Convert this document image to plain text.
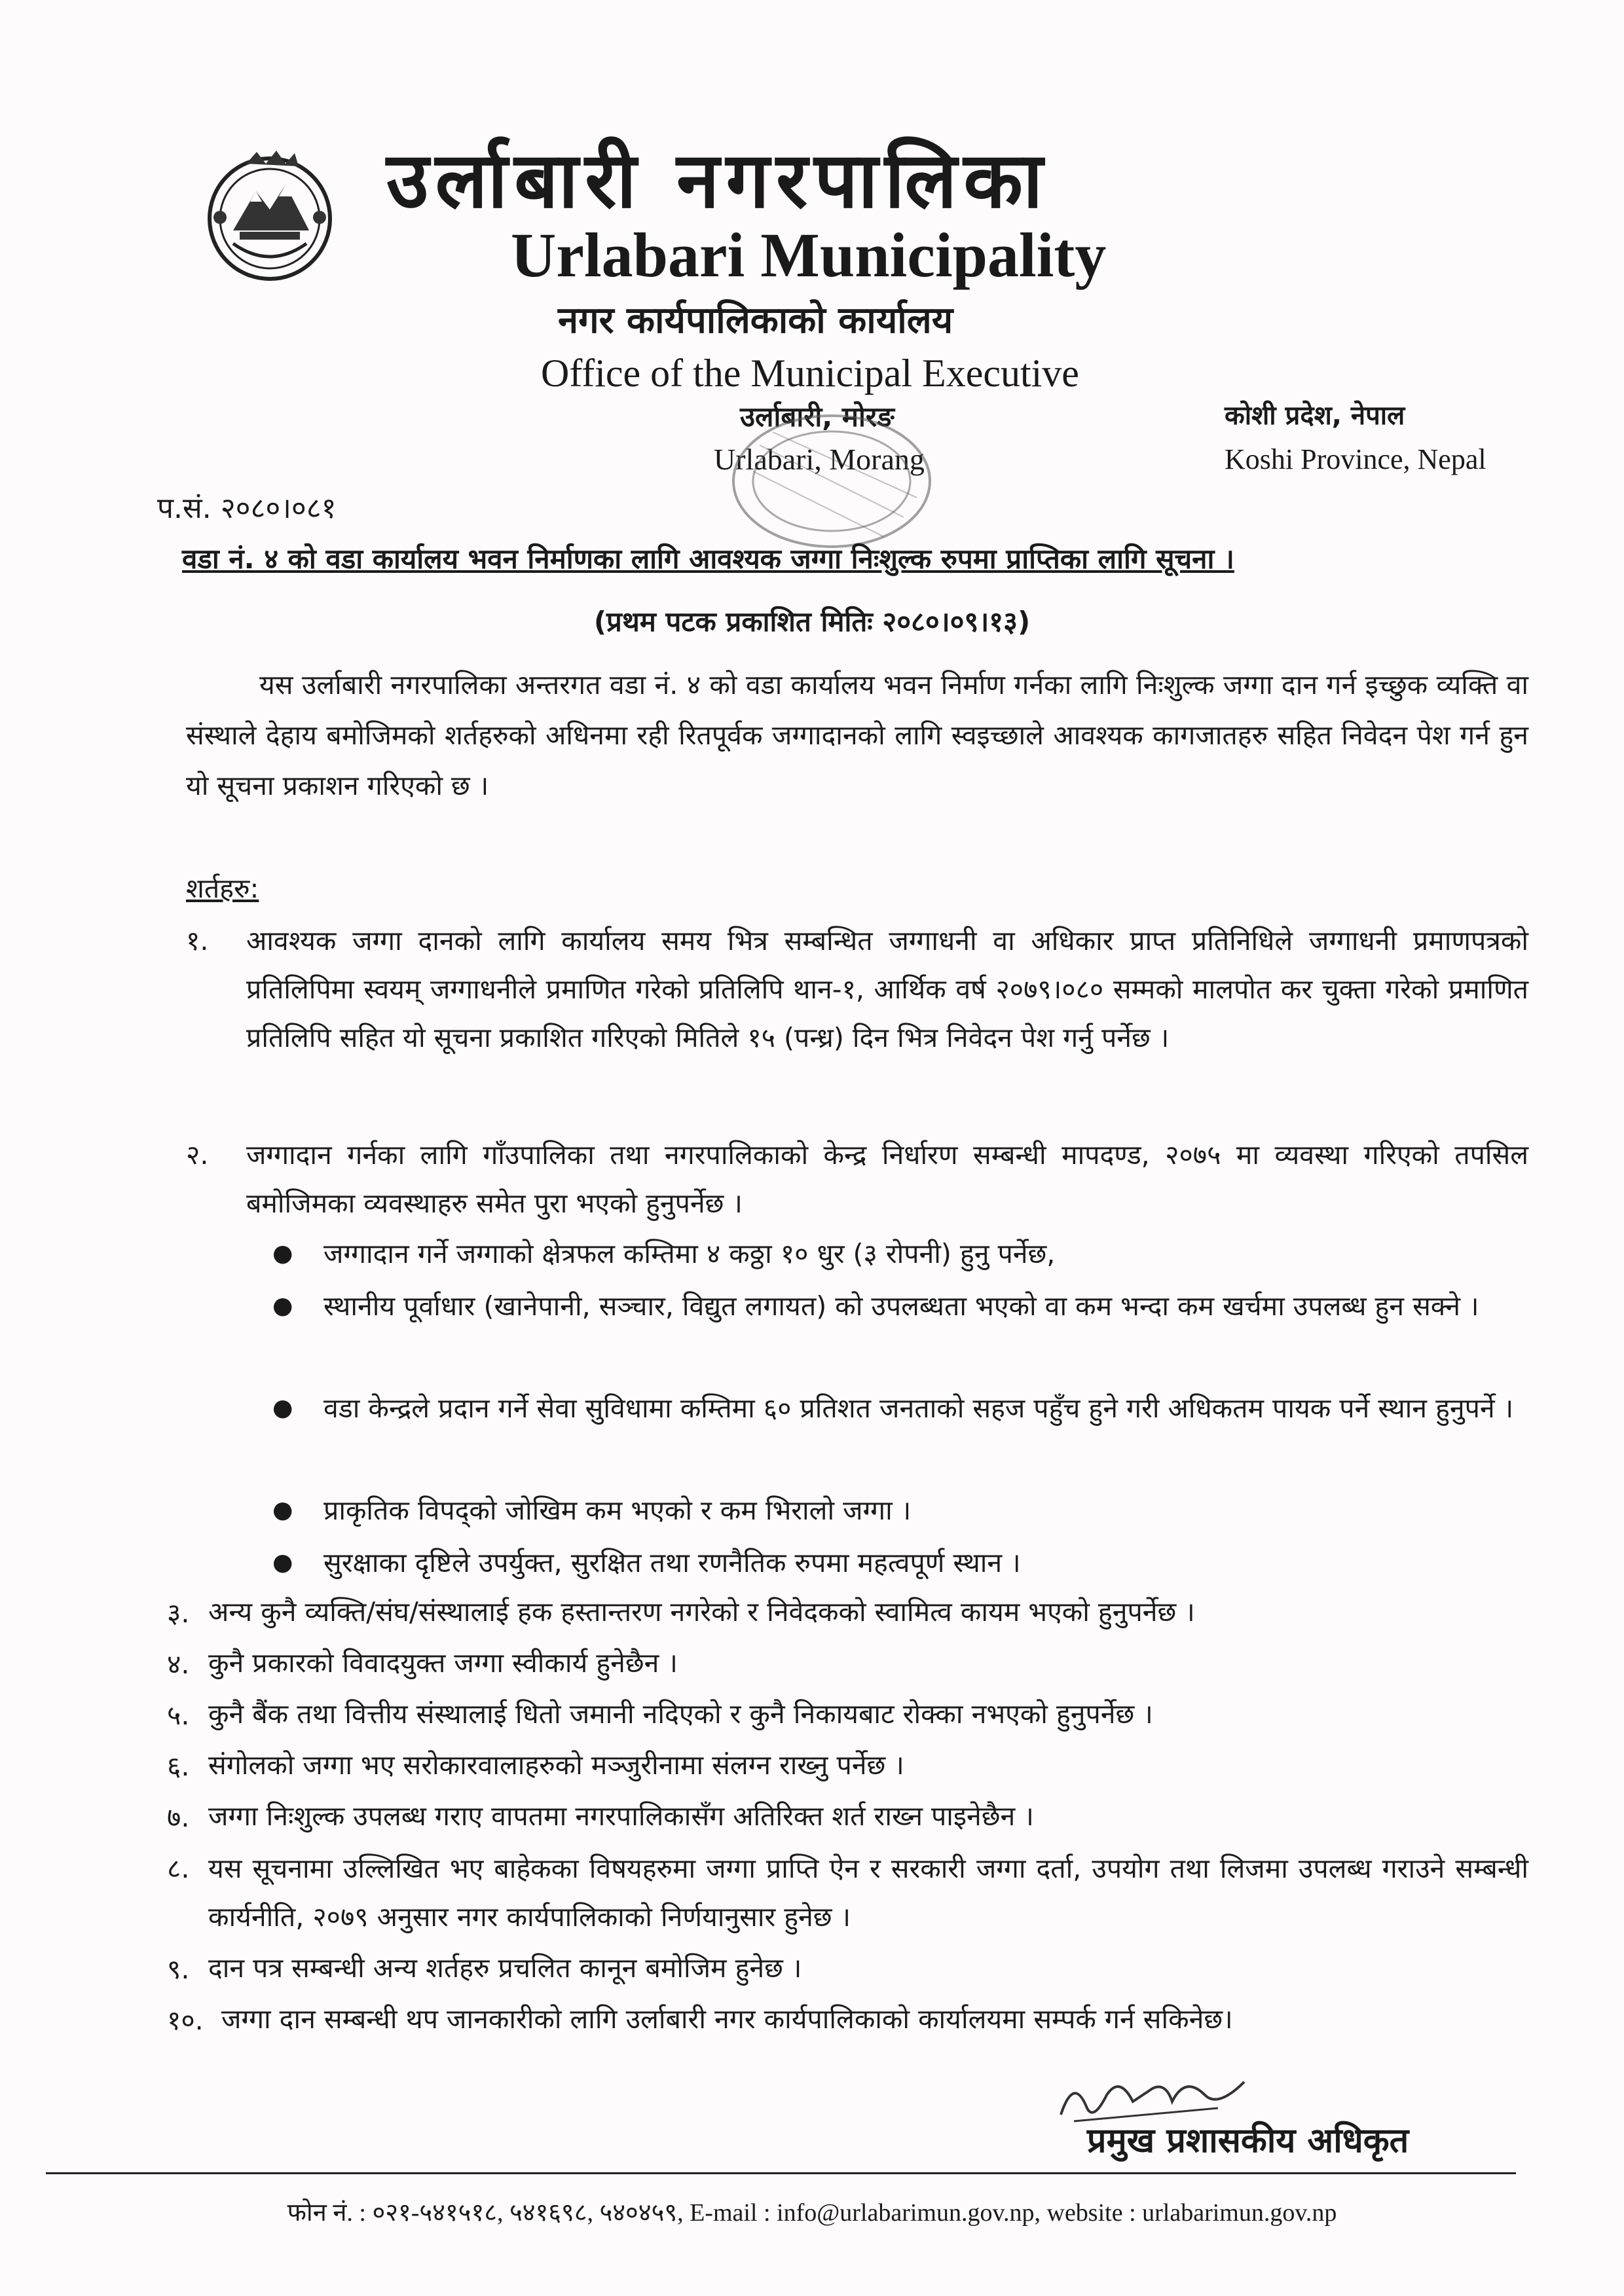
उर्लाबारी नगरपालिका
Urlabari Municipality
नगर कार्यपालिकाको कार्यालय
Office of the Municipal Executive
उर्लाबारी, मोरङ
Urlabari, Morang
कोशी प्रदेश, नेपाल
Koshi Province, Nepal
प.सं. २०८०।०८१
वडा नं. ४ को वडा कार्यालय भवन निर्माणका लागि आवश्यक जग्गा निःशुल्क रुपमा प्राप्तिका लागि सूचना ।
(प्रथम पटक प्रकाशित मितिः २०८०।०९।१३)
यस उर्लाबारी नगरपालिका अन्तरगत वडा नं. ४ को वडा कार्यालय भवन निर्माण गर्नका लागि निःशुल्क जग्गा दान गर्न इच्छुक व्यक्ति वा संस्थाले देहाय बमोजिमको शर्तहरुको अधिनमा रही रितपूर्वक जग्गादानको लागि स्वइच्छाले आवश्यक कागजातहरु सहित निवेदन पेश गर्न हुन यो सूचना प्रकाशन गरिएको छ ।
शर्तहरु:
१. आवश्यक जग्गा दानको लागि कार्यालय समय भित्र सम्बन्धित जग्गाधनी वा अधिकार प्राप्त प्रतिनिधिले जग्गाधनी प्रमाणपत्रको प्रतिलिपिमा स्वयम् जग्गाधनीले प्रमाणित गरेको प्रतिलिपि थान-१, आर्थिक वर्ष २०७९।०८० सम्मको मालपोत कर चुक्ता गरेको प्रमाणित प्रतिलिपि सहित यो सूचना प्रकाशित गरिएको मितिले १५ (पन्ध्र) दिन भित्र निवेदन पेश गर्नु पर्नेछ ।
२. जग्गादान गर्नका लागि गाँउपालिका तथा नगरपालिकाको केन्द्र निर्धारण सम्बन्धी मापदण्ड, २०७५ मा व्यवस्था गरिएको तपसिल बमोजिमका व्यवस्थाहरु समेत पुरा भएको हुनुपर्नेछ ।
● जग्गादान गर्ने जग्गाको क्षेत्रफल कम्तिमा ४ कठ्ठा १० धुर (३ रोपनी) हुनु पर्नेछ,
● स्थानीय पूर्वाधार (खानेपानी, सञ्चार, विद्युत लगायत) को उपलब्धता भएको वा कम भन्दा कम खर्चमा उपलब्ध हुन सक्ने ।
● वडा केन्द्रले प्रदान गर्ने सेवा सुविधामा कम्तिमा ६० प्रतिशत जनताको सहज पहुँच हुने गरी अधिकतम पायक पर्ने स्थान हुनुपर्ने ।
● प्राकृतिक विपद्को जोखिम कम भएको र कम भिरालो जग्गा ।
● सुरक्षाका दृष्टिले उपर्युक्त, सुरक्षित तथा रणनैतिक रुपमा महत्वपूर्ण स्थान ।
३. अन्य कुनै व्यक्ति/संघ/संस्थालाई हक हस्तान्तरण नगरेको र निवेदकको स्वामित्व कायम भएको हुनुपर्नेछ ।
४. कुनै प्रकारको विवादयुक्त जग्गा स्वीकार्य हुनेछैन ।
५. कुनै बैंक तथा वित्तीय संस्थालाई धितो जमानी नदिएको र कुनै निकायबाट रोक्का नभएको हुनुपर्नेछ ।
६. संगोलको जग्गा भए सरोकारवालाहरुको मञ्जुरीनामा संलग्न राख्नु पर्नेछ ।
७. जग्गा निःशुल्क उपलब्ध गराए वापतमा नगरपालिकासँग अतिरिक्त शर्त राख्न पाइनेछैन ।
८. यस सूचनामा उल्लिखित भए बाहेकका विषयहरुमा जग्गा प्राप्ति ऐन र सरकारी जग्गा दर्ता, उपयोग तथा लिजमा उपलब्ध गराउने सम्बन्धी कार्यनीति, २०७९ अनुसार नगर कार्यपालिकाको निर्णयानुसार हुनेछ ।
९. दान पत्र सम्बन्धी अन्य शर्तहरु प्रचलित कानून बमोजिम हुनेछ ।
१०. जग्गा दान सम्बन्धी थप जानकारीको लागि उर्लाबारी नगर कार्यपालिकाको कार्यालयमा सम्पर्क गर्न सकिनेछ।
प्रमुख प्रशासकीय अधिकृत
फोन नं. : ०२१-५४१५१८, ५४१६९८, ५४०४५९, E-mail : info@urlabarimun.gov.np, website : urlabarimun.gov.np
